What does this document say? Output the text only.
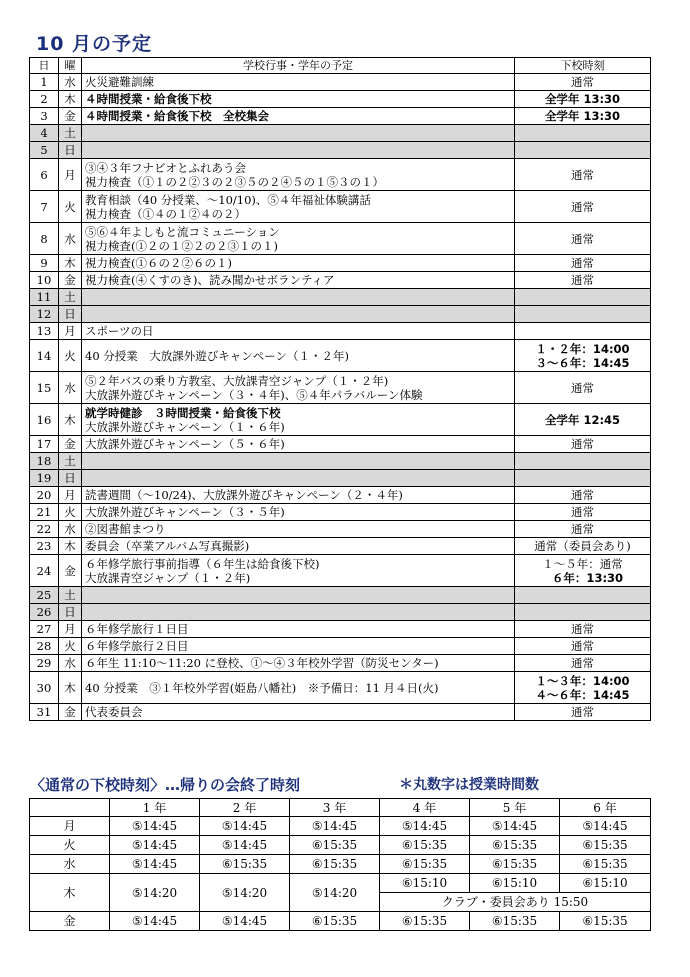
10 月の予定
日	曜	学校行事・学年の予定	下校時刻
1	水	火災避難訓練	通常

2	木	４時間授業・給食後下校	全学年 13:30

3	金	４時間授業・給食後下校　全校集会	全学年 13:30

4	土		
5	日		
6	月	③④３年フナビオとふれあう会
視力検査（①１の２②３の２③５の２④５の１⑤３の１）	通常

7	火	教育相談（40 分授業、～10/10)、⑤４年福祉体験講話
視力検査（①４の１②４の２）	通常

8	水	⑤⑥４年よしもと流コミュニーション
視力検査(①２の１②２の２③１の１)	通常

9	木	視力検査(①６の２②６の１)	通常

10	金	視力検査(④くすのき)、読み聞かせボランティア	通常

11	土		
12	日		
13	月	スポーツの日	

14	火	40 分授業　大放課外遊びキャンペーン（１・２年)	１・２年：14:00
３～６年：14:45

15	水	⑤２年バスの乗り方教室、大放課青空ジャンプ（１・２年)
大放課外遊びキャンペーン（３・４年)、⑤４年パラバルーン体験	通常

16	木	就学時健診　３時間授業・給食後下校
大放課外遊びキャンペーン（１・６年)	全学年 12:45

17	金	大放課外遊びキャンペーン（５・６年)	通常

18	土		
19	日		
20	月	読書週間（～10/24)、大放課外遊びキャンペーン（２・４年)	通常

21	火	大放課外遊びキャンペーン（３・５年)	通常

22	水	②図書館まつり	通常

23	木	委員会（卒業アルバム写真撮影)	通常（委員会あり)

24	金	６年修学旅行事前指導（６年生は給食後下校)
大放課青空ジャンプ（１・２年)	１～５年：通常
６年：13:30

25	土		
26	日		
27	月	６年修学旅行１日目	通常

28	火	６年修学旅行２日目	通常

29	水	６年生 11:10～11:20 に登校、①～④３年校外学習（防災センター)	通常

30	木	40 分授業　③１年校外学習(姫島八幡社)　※予備日：11 月４日(火)	１～３年：14:00
４～６年：14:45

31	金	代表委員会	通常
〈通常の下校時刻〉…帰りの会終了時刻	＊丸数字は授業時間数
	1 年	2 年	3 年	4 年	5 年	6 年
月	⑤14:45	⑤14:45	⑤14:45	⑤14:45	⑤14:45	⑤14:45
火	⑤14:45	⑤14:45	⑥15:35	⑥15:35	⑥15:35	⑥15:35
水	⑤14:45	⑥15:35	⑥15:35	⑥15:35	⑥15:35	⑥15:35
木	⑤14:20	⑤14:20	⑤14:20	⑥15:10	⑥15:10	⑥15:10
				クラブ・委員会あり 15:50		
金	⑤14:45	⑤14:45	⑥15:35	⑥15:35	⑥15:35	⑥15:35
